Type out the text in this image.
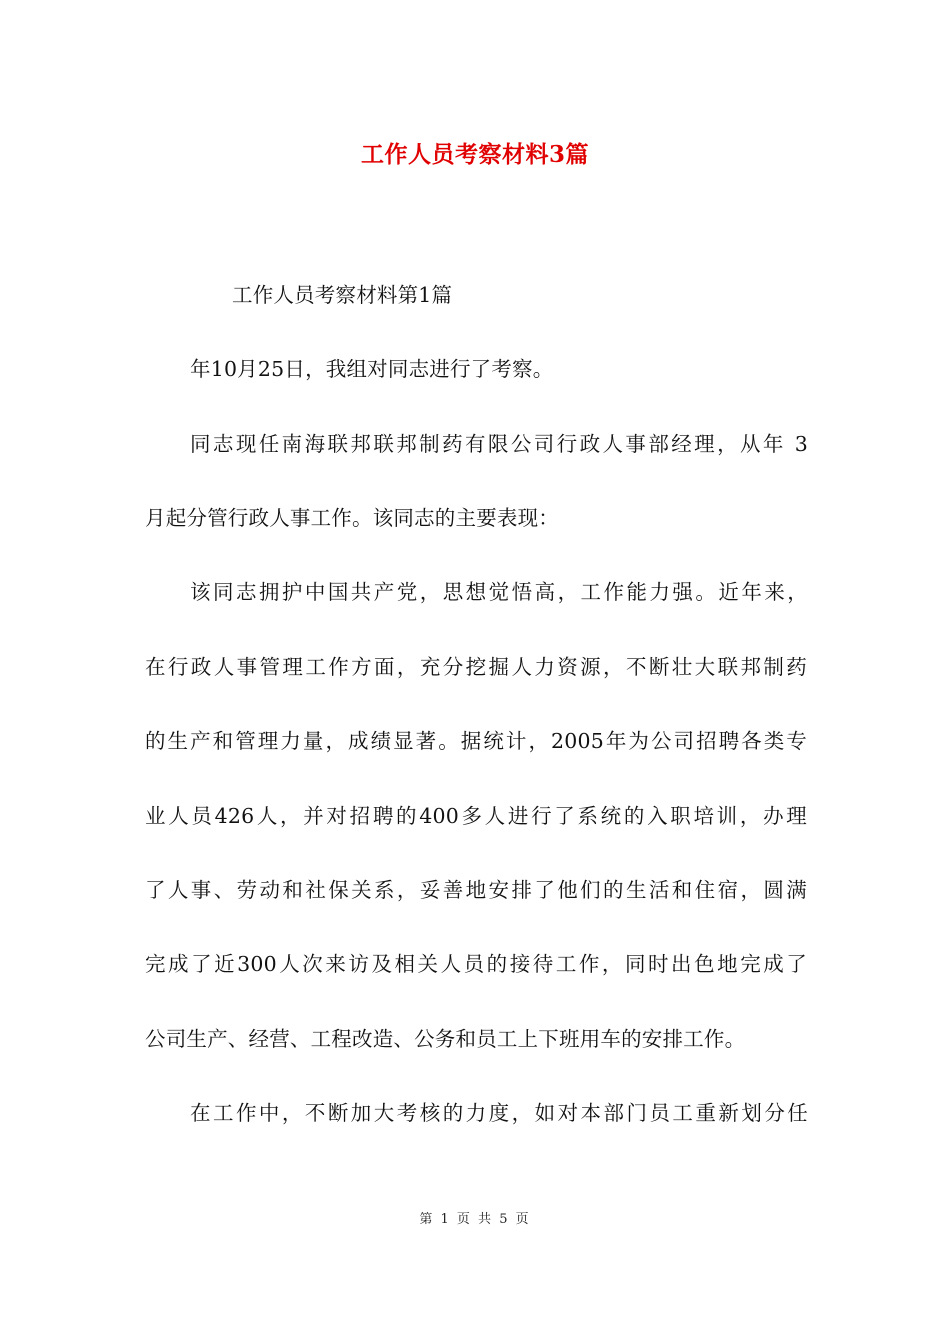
工作人员考察材料3篇

工作人员考察材料第1篇

年10月25日，我组对同志进行了考察。

同志现任南海联邦联邦制药有限公司行政人事部经理，从年 3

月起分管行政人事工作。该同志的主要表现：

该同志拥护中国共产党，思想觉悟高，工作能力强。近年来，

在行政人事管理工作方面，充分挖掘人力资源，不断壮大联邦制药

的生产和管理力量，成绩显著。据统计，2005年为公司招聘各类专

业人员426人，并对招聘的400多人进行了系统的入职培训，办理

了人事、劳动和社保关系，妥善地安排了他们的生活和住宿，圆满

完成了近300人次来访及相关人员的接待工作，同时出色地完成了

公司生产、经营、工程改造、公务和员工上下班用车的安排工作。

在工作中，不断加大考核的力度，如对本部门员工重新划分任

第 1 页 共 5 页
